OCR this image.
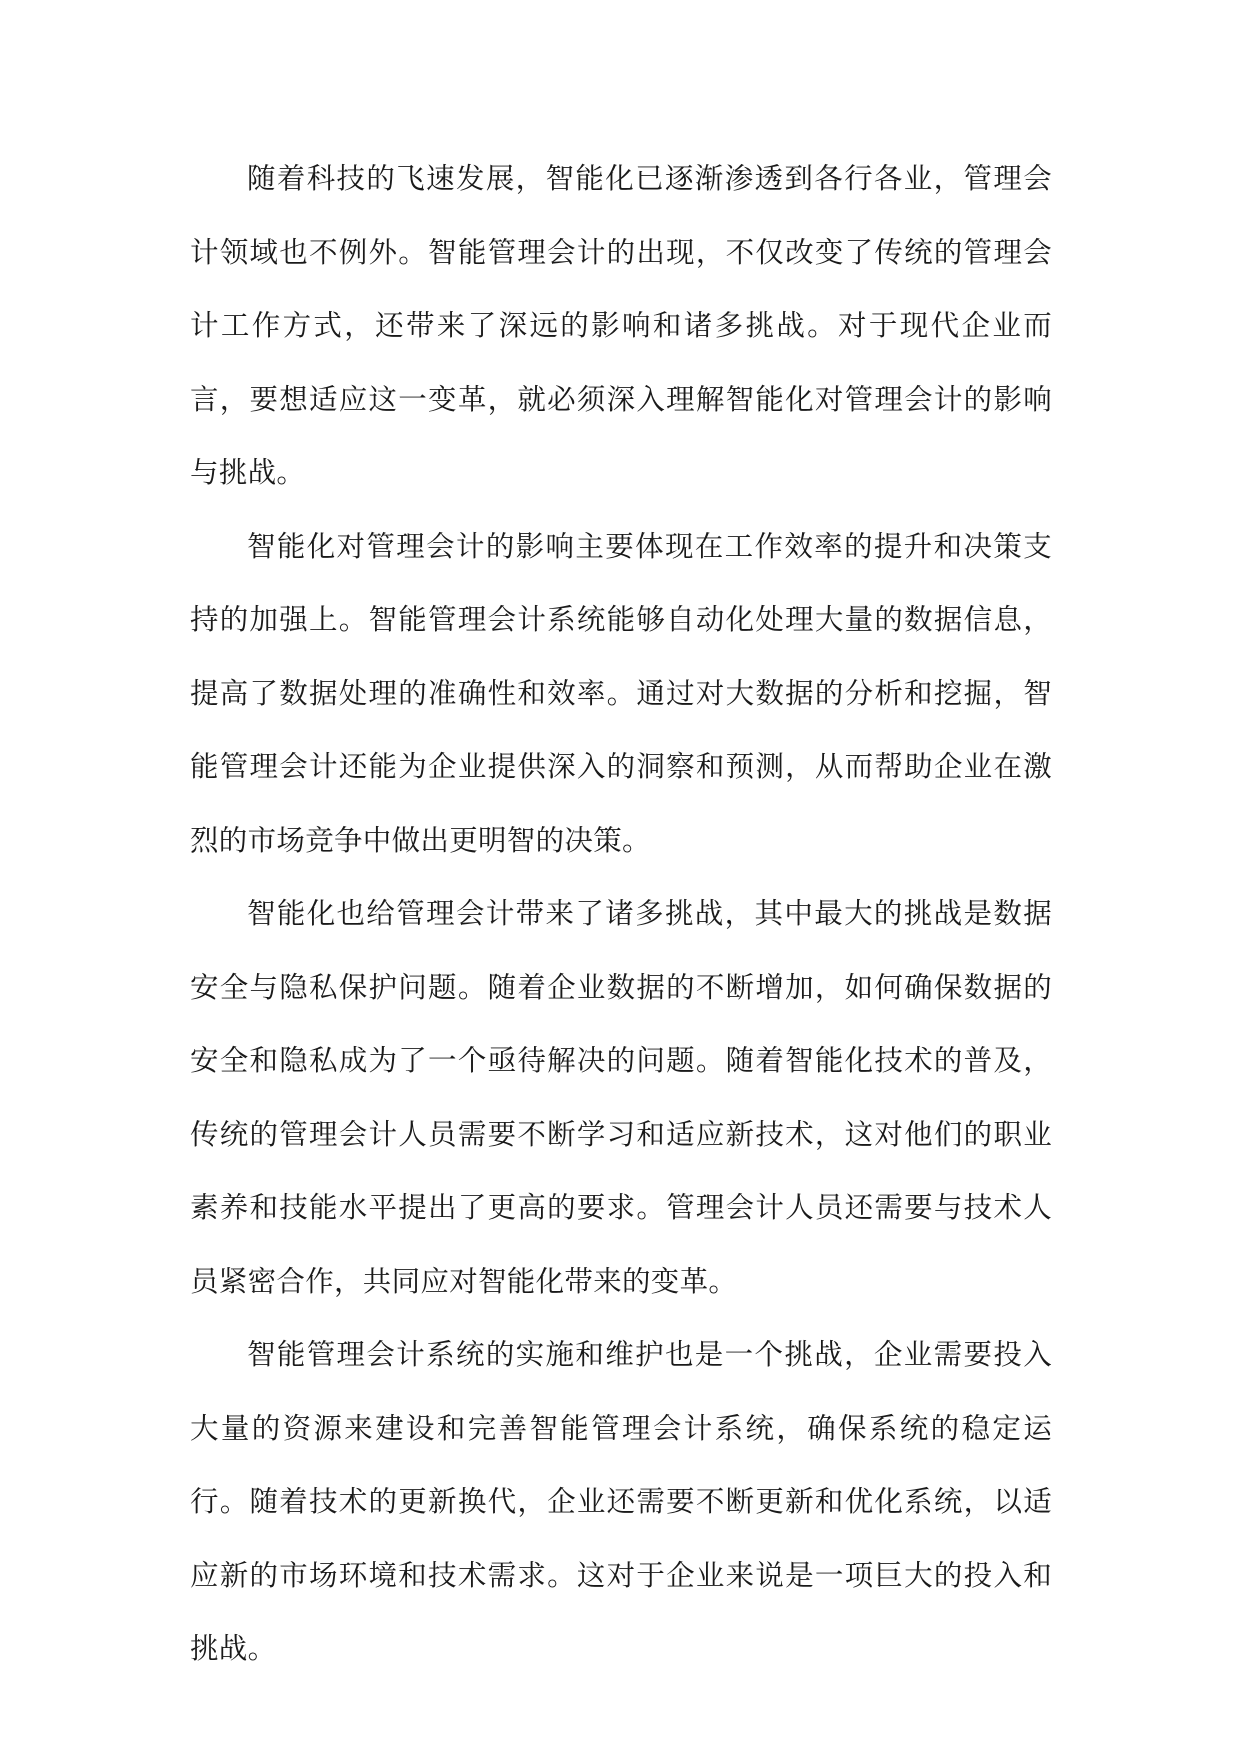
随着科技的飞速发展，智能化已逐渐渗透到各行各业，管理会计领域也不例外。智能管理会计的出现，不仅改变了传统的管理会计工作方式，还带来了深远的影响和诸多挑战。对于现代企业而言，要想适应这一变革，就必须深入理解智能化对管理会计的影响与挑战。

智能化对管理会计的影响主要体现在工作效率的提升和决策支持的加强上。智能管理会计系统能够自动化处理大量的数据信息，提高了数据处理的准确性和效率。通过对大数据的分析和挖掘，智能管理会计还能为企业提供深入的洞察和预测，从而帮助企业在激烈的市场竞争中做出更明智的决策。

智能化也给管理会计带来了诸多挑战，其中最大的挑战是数据安全与隐私保护问题。随着企业数据的不断增加，如何确保数据的安全和隐私成为了一个亟待解决的问题。随着智能化技术的普及，传统的管理会计人员需要不断学习和适应新技术，这对他们的职业素养和技能水平提出了更高的要求。管理会计人员还需要与技术人员紧密合作，共同应对智能化带来的变革。

智能管理会计系统的实施和维护也是一个挑战，企业需要投入大量的资源来建设和完善智能管理会计系统，确保系统的稳定运行。随着技术的更新换代，企业还需要不断更新和优化系统，以适应新的市场环境和技术需求。这对于企业来说是一项巨大的投入和挑战。
